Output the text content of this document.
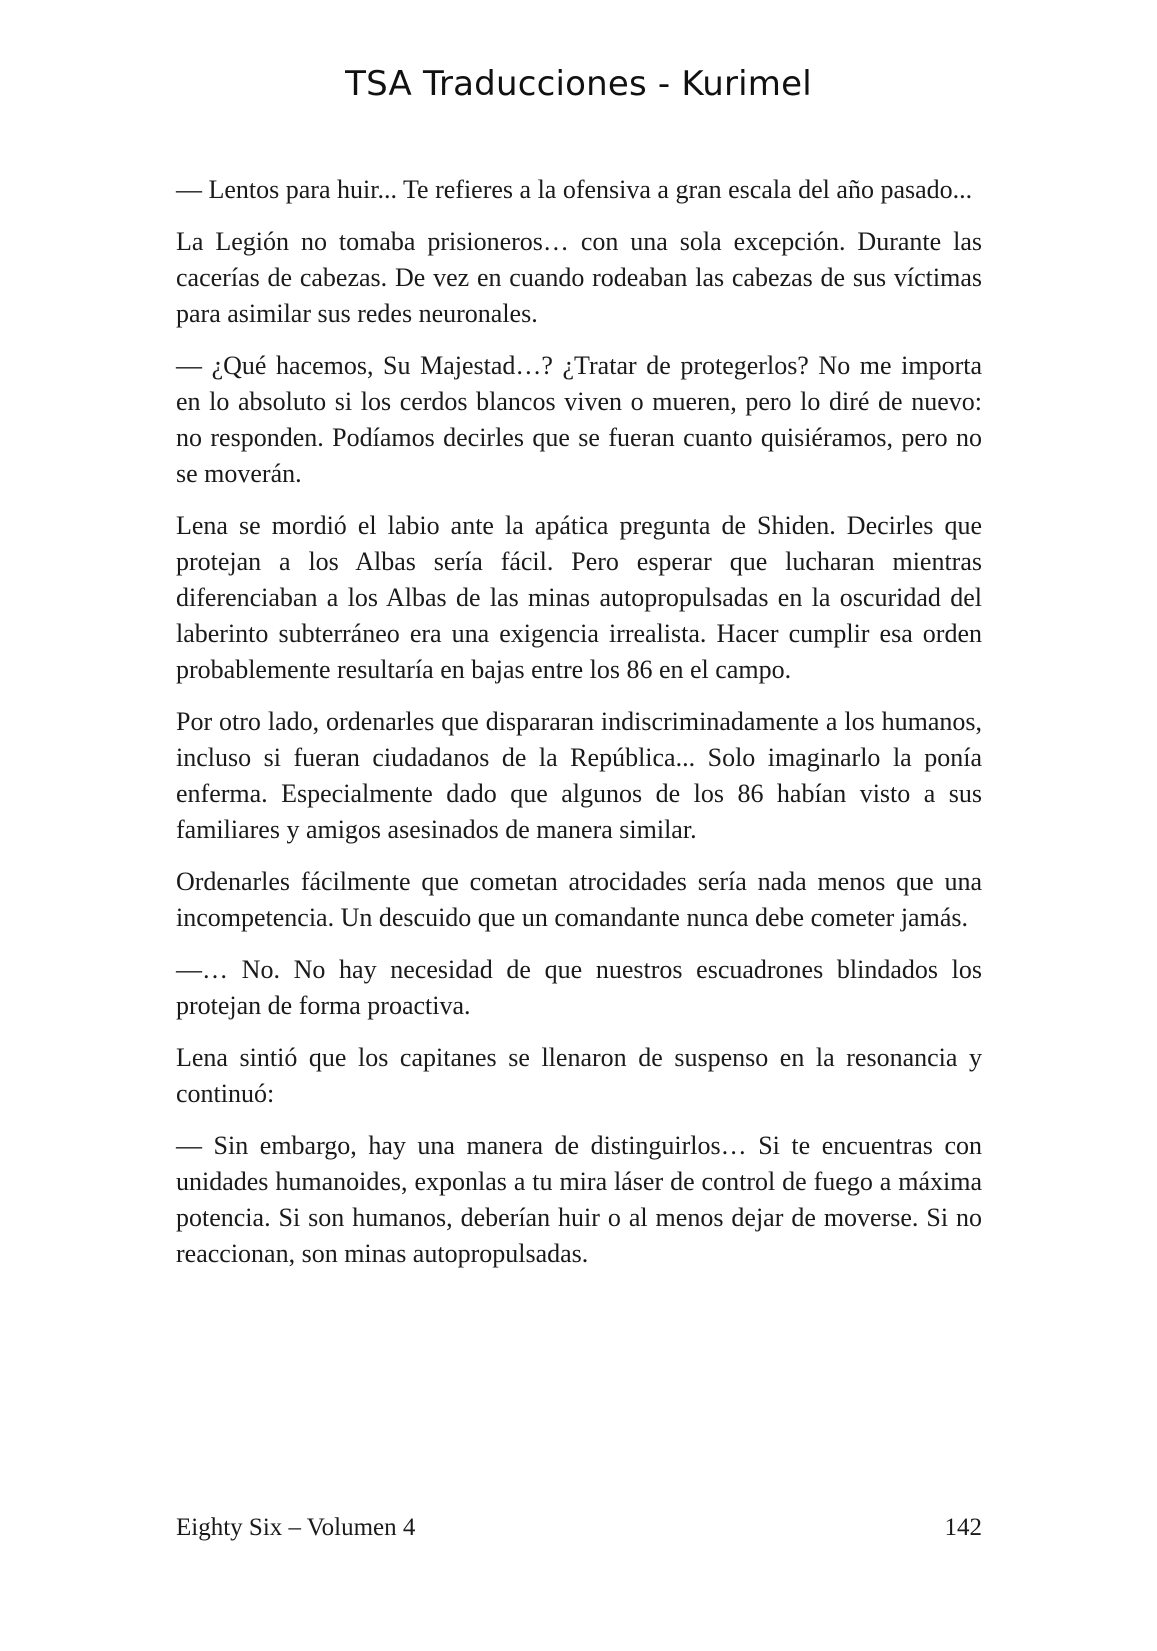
TSA Traducciones - Kurimel

— Lentos para huir... Te refieres a la ofensiva a gran escala del año pasado...

La Legión no tomaba prisioneros… con una sola excepción. Durante las cacerías de cabezas. De vez en cuando rodeaban las cabezas de sus víctimas para asimilar sus redes neuronales.

— ¿Qué hacemos, Su Majestad…? ¿Tratar de protegerlos? No me importa en lo absoluto si los cerdos blancos viven o mueren, pero lo diré de nuevo: no responden. Podíamos decirles que se fueran cuanto quisiéramos, pero no se moverán.

Lena se mordió el labio ante la apática pregunta de Shiden. Decirles que protejan a los Albas sería fácil. Pero esperar que lucharan mientras diferenciaban a los Albas de las minas autopropulsadas en la oscuridad del laberinto subterráneo era una exigencia irrealista. Hacer cumplir esa orden probablemente resultaría en bajas entre los 86 en el campo.

Por otro lado, ordenarles que dispararan indiscriminadamente a los humanos, incluso si fueran ciudadanos de la República... Solo imaginarlo la ponía enferma. Especialmente dado que algunos de los 86 habían visto a sus familiares y amigos asesinados de manera similar.

Ordenarles fácilmente que cometan atrocidades sería nada menos que una incompetencia. Un descuido que un comandante nunca debe cometer jamás.

—… No. No hay necesidad de que nuestros escuadrones blindados los protejan de forma proactiva.

Lena sintió que los capitanes se llenaron de suspenso en la resonancia y continuó:

— Sin embargo, hay una manera de distinguirlos… Si te encuentras con unidades humanoides, exponlas a tu mira láser de control de fuego a máxima potencia. Si son humanos, deberían huir o al menos dejar de moverse. Si no reaccionan, son minas autopropulsadas.

Eighty Six – Volumen 4	142
